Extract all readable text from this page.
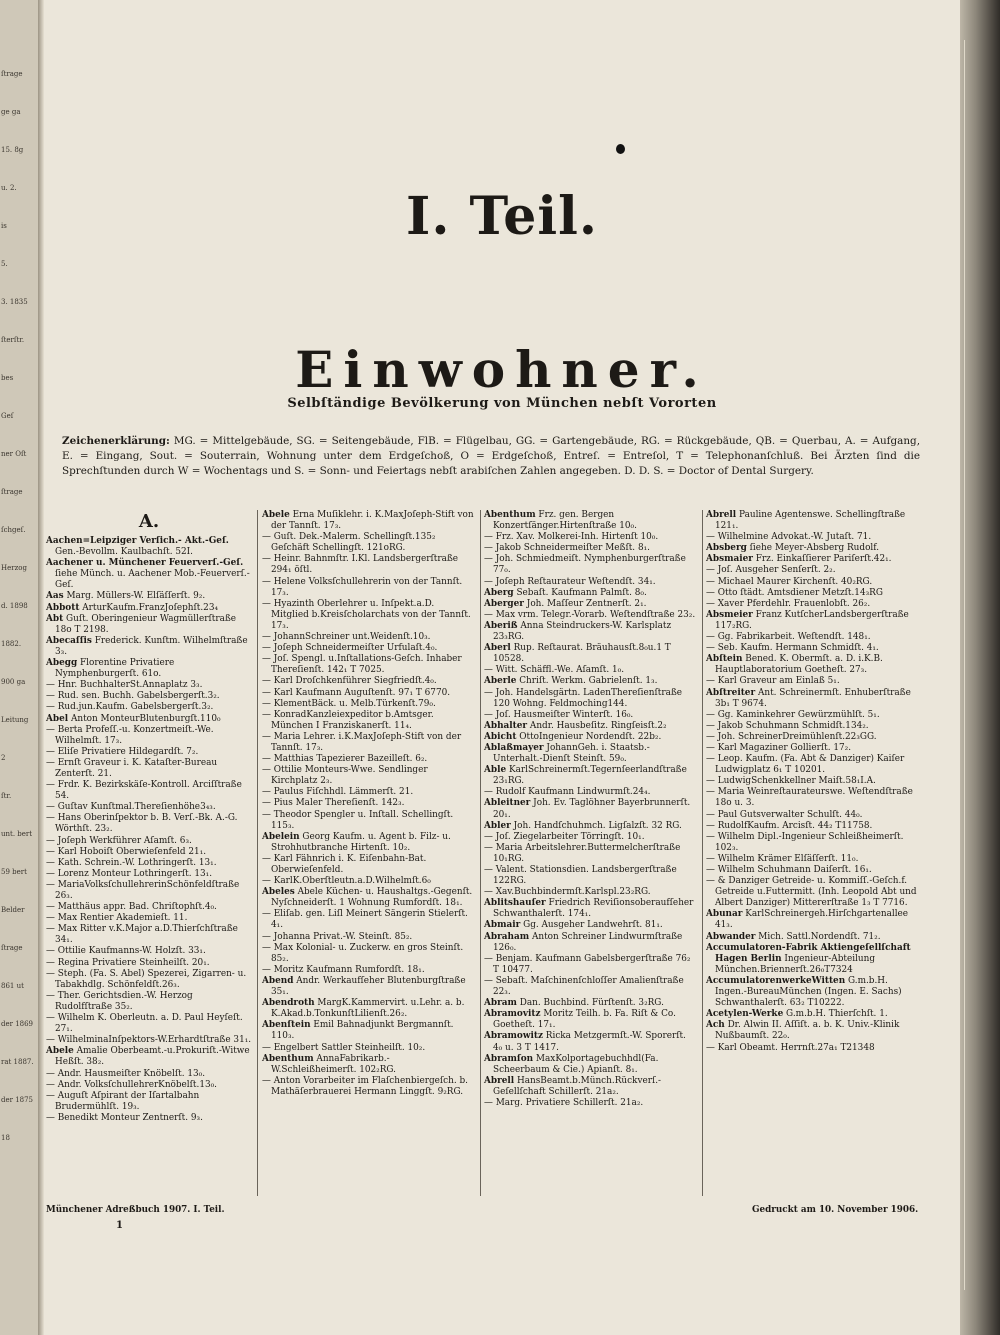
ſtrage
ge ga
15. 8g
u. 2.
is
5.
3. 1835
ſterſtr.
bes
Geſ
ner Oſt
ſtrage
ſchgeſ.
Herzog
d. 1898
1882.
900 ga
Leitung
2
ſtr.
unt. bert
59 bert
Belder
ſtrage
861 ut
der 1869
rat 1887.
der 1875
18
I. Teil.
Einwohner.
Selbſtändige Bevölkerung von München nebſt Vororten
Zeichenerklärung: MG. = Mittelgebäude, SG. = Seitengebäude, FlB. = Flügelbau, GG. = Gartengebäude, RG. = Rückgebäude, QB. = Querbau, A. = Aufgang, E. = Eingang, Sout. = Souterrain, Wohnung unter dem Erdgeſchoß, O = Erdgeſchoß, Entreſ. = Entreſol, T = Telephonanſchluß. Bei Ärzten ſind die Sprechſtunden durch W = Wochentags und S. = Sonn- und Feiertags nebſt arabiſchen Zahlen angegeben. D. D. S. = Doctor of Dental Surgery.
A.

Aachen=Leipziger Verſich.- Akt.-Geſ. Gen.-Bevollm. Kaulbachſt. 52I.

Aachener u. Münchener Feuerverſ.-Geſ. ſiehe Münch. u. Aachener Mob.-Feuerverſ.-Geſ.

Aas Marg. Müllers-W. Elſäſſerſt. 9₂.

Abbott ArturKaufm.FranzJoſephſt.23₄

Abt Guſt. Oberingenieur Wagmüllerſtraße 18o T 2198.

Abecaſſis Frederick. Kunſtm. Wilhelmſtraße 3₃.

Abegg Florentine Privatiere Nymphenburgerſt. 61o.

— Hnr. BuchhalterSt.Annaplatz 3₃.

— Rud. sen. Buchh. Gabelsbergerſt.3₂.

— Rud.jun.Kaufm. Gabelsbergerſt.3₂.

Abel Anton MonteurBlutenburgſt.110₀

— Berta Profeſſ.-u. Konzertmeiſt.-We. Wilhelmſt. 17₃.

— Eliſe Privatiere Hildegardſt. 7₂.

— Ernſt Graveur i. K. Kataſter-Bureau Zenterſt. 21.

— Frdr. K. Bezirkskäſe-Kontroll. Arciſſtraße 54.

— Guſtav Kunſtmal.Thereſienhöhe3₄₃.

— Hans Oberinſpektor b. B. Verſ.-Bk. A.-G. Wörthſt. 23₂.

— Joſeph Werkführer Aſamſt. 6₃.

— Karl Hoboiſt Oberwieſenfeld 21₁.

— Kath. Schrein.-W. Lothringerſt. 13₁.

— Lorenz Monteur Lothringerſt. 13₁.

— MariaVolksſchullehrerinSchönfeldſtraße 26₃.

— Matthäus appr. Bad. Chriſtophſt.4₀.

— Max Rentier Akademieſt. 11.

— Max Ritter v.K.Major a.D.Thierſchſtraße 34₁.

— Ottilie Kaufmanns-W. Holzſt. 33₁.

— Regina Privatiere Steinheilſt. 20₁.

— Steph. (Fa. S. Abel) Spezerei, Zigarren- u. Tabakhdlg. Schönfeldſt.26₃.

— Ther. Gerichtsdien.-W. Herzog Rudolfſtraße 35₂.

— Wilhelm K. Oberleutn. a. D. Paul Heyſeſt. 27₁.

— WilhelminaInſpektors-W.Erhardtſtraße 31₁.

Abele Amalie Oberbeamt.-u.Prokuriſt.-Witwe Heßſt. 38₂.

— Andr. Hausmeiſter Knöbelſt. 13₀.

— Andr. VolksſchullehrerKnöbelſt.13₀.

— Auguſt Aſpirant der Iſartalbahn Brudermühlſt. 19₃.

— Benedikt Monteur Zentnerſt. 9₃.

Abele Erna Muſiklehr. i. K.MaxJoſeph-Stift von der Tannſt. 17₃.

— Guſt. Dek.-Malerm. Schellingſt.135₂ Geſchäft Schellingſt. 121oRG.

— Heinr. Bahnmſtr. I.Kl. Landsbergerſtraße 294₁ öſtl.

— Helene Volksſchullehrerin von der Tannſt. 17₃.

— Hyazinth Oberlehrer u. Inſpekt.a.D. Mitglied b.Kreisſcholarchats von der Tannſt. 17₃.

— JohannSchreiner unt.Weidenſt.10₃.

— Joſeph Schneidermeiſter Urfulaſt.4₀.

— Joſ. Spengl. u.Inſtallations-Geſch. Inhaber Thereſienſt. 142₁ T 7025.

— Karl Droſchkenführer Siegfriedſt.4₀.

— Karl Kaufmann Auguſtenſt. 97₁ T 6770.

— KlementBäck. u. Melb.Türkenſt.79₀.

— KonradKanzleiexpeditor b.Amtsger. München I Franziskanerſt. 11₄.

— Maria Lehrer. i.K.MaxJoſeph-Stift von der Tannſt. 17₃.

— Matthias Tapezierer Bazeilleſt. 6₂.

— Ottilie Monteurs-Wwe. Sendlinger Kirchplatz 2₃.

— Paulus Fiſchhdl. Lämmerſt. 21.

— Pius Maler Thereſienſt. 142₃.

— Theodor Spengler u. Inſtall. Schellingſt. 115₃.

Abelein Georg Kaufm. u. Agent b. Filz- u. Strohhutbranche Hirtenſt. 10₂.

— Karl Fähnrich i. K. Eiſenbahn-Bat. Oberwieſenfeld.

— KarlK.Oberſtleutn.a.D.Wilhelmſt.6₀

Abeles Abele Küchen- u. Haushaltgs.-Gegenſt. Nyſchneiderſt. 1 Wohnung Rumfordſt. 18₁.

— Eliſab. gen. Liſl Meinert Sängerin Stielerſt. 4₁.

— Johanna Privat.-W. Steinſt. 85₂.

— Max Kolonial- u. Zuckerw. en gros Steinſt. 85₂.

— Moritz Kaufmann Rumfordſt. 18₁.

Abend Andr. Werkaufſeher Blutenburgſtraße 35₁.

Abendroth MargK.Kammervirt. u.Lehr. a. b. K.Akad.b.TonkunſtLilienſt.26₂.

Abenſtein Emil Bahnadjunkt Bergmannſt. 110₃.

— Engelbert Sattler Steinheilſt. 10₂.

Abenthum AnnaFabrikarb.-W.Schleißheimerſt. 102₂RG.

— Anton Vorarbeiter im Flaſchenbiergeſch. b. Mathäſerbrauerei Hermann Linggſt. 9₂RG.

Abenthum Frz. gen. Bergen Konzertſänger.Hirtenſtraße 10₀.

— Frz. Xav. Molkerei-Inh. Hirtenſt 10₀.

— Jakob Schneidermeiſter Meßſt. 8₁.

— Joh. Schmiedmeiſt. Nymphenburgerſtraße 77₀.

— Joſeph Reſtaurateur Weſtendſt. 34₁.

Aberg Sebaſt. Kaufmann Palmſt. 8₀.

Aberger Joh. Maſſeur Zentnerſt. 2₁.

— Max vrm. Telegr.-Vorarb. Weſtendſtraße 23₂.

Aberiß Anna Steindruckers-W. Karlsplatz 23₃RG.

Aberl Rup. Reſtaurat. Bräuhausſt.8₀u.1 T 10528.

— Witt. Schäffl.-We. Aſamſt. 1₀.

Aberle Chriſt. Werkm. Gabrielenſt. 1₃.

— Joh. Handelsgärtn. LadenThereſienſtraße 120 Wohng. Feldmoching144.

— Joſ. Hausmeiſter Winterſt. 16₀.

Abhalter Andr. Hausbeſitz. Ringſeisſt.2₂

Abicht OttoIngenieur Nordendſt. 22b₂.

Ablaßmayer JohannGeh. i. Staatsb.-Unterhalt.-Dienſt Steinſt. 59₀.

Able KarlSchreinermſt.Tegernſeerlandſtraße 23₁RG.

— Rudolf Kaufmann Lindwurmſt.24₄.

Ableitner Joh. Ev. Taglöhner Bayerbrunnerſt. 20₁.

Abler Joh. Handſchuhmch. Ligſalzſt. 32 RG.

— Joſ. Ziegelarbeiter Törringſt. 10₁.

— Maria Arbeitslehrer.Buttermelcherſtraße 10₁RG.

— Valent. Stationsdien. Landsbergerſtraße 122RG.

— Xav.Buchbindermſt.Karlspl.23₂RG.

Ablitshauſer Friedrich Reviſionsoberaufſeher Schwanthalerſt. 174₁.

Abmair Gg. Ausgeher Landwehrſt. 81₁.

Abraham Anton Schreiner Lindwurmſtraße 126₀.

— Benjam. Kaufmann Gabelsbergerſtraße 76₂ T 10477.

— Sebaſt. Maſchinenſchloſſer Amalienſtraße 22₃.

Abram Dan. Buchbind. Fürſtenſt. 3₂RG.

Abramovitz Moritz Teilh. b. Fa. Riſt & Co. Goetheſt. 17₁.

Abramowitz Ricka Metzgermſt.-W. Sporerſt. 4₀ u. 3 T 1417.

Abramſon MaxKolportagebuchhdl(Fa. Scheerbaum & Cie.) Apianſt. 8₁.

Abrell HansBeamt.b.Münch.Rückverſ.-Geſellſchaft Schillerſt. 21a₂.

— Marg. Privatiere Schillerſt. 21a₂.

Abrell Pauline Agentenswe. Schellingſtraße 121₁.

— Wilhelmine Advokat.-W. Jutaſt. 71.

Absberg ſiehe Meyer-Absberg Rudolf.

Absmaier Frz. Einkaſſierer Pariſerſt.42₁.

— Joſ. Ausgeher Senſerſt. 2₂.

— Michael Maurer Kirchenſt. 40₂RG.

— Otto ſtädt. Amtsdiener Metzſt.14₃RG

— Xaver Pferdehlr. Frauenlobſt. 26₂.

Absmeier Franz KutſcherLandsbergerſtraße 117₂RG.

— Gg. Fabrikarbeit. Weſtendſt. 148₁.

— Seb. Kaufm. Hermann Schmidſt. 4₁.

Abſtein Bened. K. Obermſt. a. D. i.K.B. Hauptlaboratorium Goetheſt. 27₃.

— Karl Graveur am Einlaß 5₁.

Abſtreiter Ant. Schreinermſt. Enhuberſtraße 3b₁ T 9674.

— Gg. Kaminkehrer Gewürzmühlſt. 5₁.

— Jakob Schuhmann Schmidſt.134₂.

— Joh. SchreinerDreimühlenſt.22₃GG.

— Karl Magaziner Gollierſt. 17₂.

— Leop. Kaufm. (Fa. Abt & Danziger) Kaiſer Ludwigplatz 6₁ T 10201.

— LudwigSchenkkellner Maiſt.58₁I.A.

— Maria Weinreſtaurateurswe. Weſtendſtraße 18o u. 3.

— Paul Gutsverwalter Schulſt. 44₀.

— RudolfKaufm. Arcisſt. 44₂ T11758.

— Wilhelm Dipl.-Ingenieur Schleißheimerſt. 102₃.

— Wilhelm Krämer Elſäſſerſt. 11₀.

— Wilhelm Schuhmann Daiſerſt. 16₁.

— & Danziger Getreide- u. Kommiſſ.-Geſch.f. Getreide u.Futtermitt. (Inh. Leopold Abt und Albert Danziger) Mittererſtraße 1₃ T 7716.

Abunar KarlSchreinergeh.Hirſchgartenallee 41₃.

Abwander Mich. Sattl.Nordendſt. 71₂.

Accumulatoren-Fabrik Aktiengeſellſchaft Hagen Berlin Ingenieur-Abteilung München.Briennerſt.26₀T7324

AccumulatorenwerkeWitten G.m.b.H. Ingen.-BureauMünchen (Ingen. E. Sachs) Schwanthalerſt. 63₂ T10222.

Acetylen-Werke G.m.b.H. Thierſchſt. 1.

Ach Dr. Alwin II. Aſſiſt. a. b. K. Univ.-Klinik Nußbaumſt. 22₀.

— Karl Obeamt. Herrnſt.27a₁ T21348

Münchener Adreßbuch 1907. I. Teil.
1
Gedruckt am 10. November 1906.
